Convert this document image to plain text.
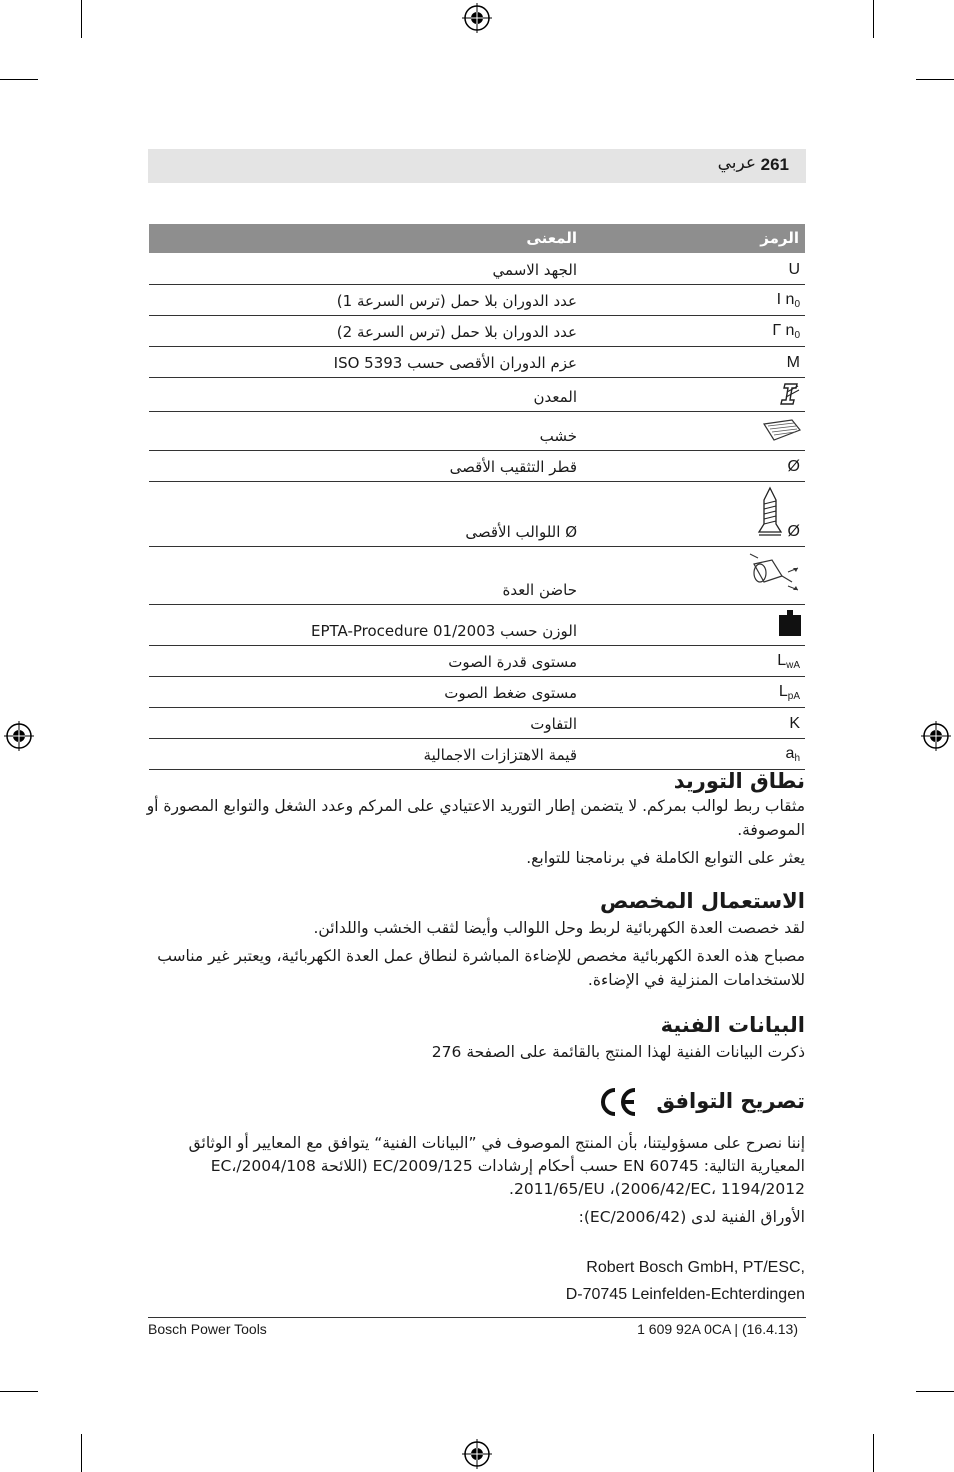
261
عربي
المعنى	الرمز
الجهد الاسمي	U
عدد الدوران بلا حمل (ترس السرعة 1)	I $n_0$
عدد الدوران بلا حمل (ترس السرعة 2)	Г $n_0$
عزم الدوران الأقصى حسب ISO 5393	M
المعدن
خشب
قطر التثقيب الأقصى	Ø
Ø اللوالب الأقصى	Ø
حاضن العدة
الوزن حسب EPTA-Procedure 01/2003
مستوى قدرة الصوت	$L_{wA}$
مستوى ضغط الصوت	$L_{pA}$
التفاوت	K
قيمة الاهتزازات الاجمالية	$a_h$
نطاق التوريد

مثقاب ربط لوالب بمركم. لا يتضمن إطار التوريد الاعتيادي على المركم وعدد الشغل والتوابع المصورة أو الموصوفة.

يعثر على التوابع الكاملة في برنامجنا للتوابع.

الاستعمال المخصص

لقد خصصت العدة الكهربائية لربط وحل اللوالب وأيضا لثقب الخشب واللدائن.

مصباح هذه العدة الكهربائية مخصص للإضاءة المباشرة لنطاق عمل العدة الكهربائية، ويعتبر غير مناسب للاستخدامات المنزلية في الإضاءة.

البيانات الفنية

ذكرت البيانات الفنية لهذا المنتج بالقائمة على الصفحة 276

تصريح التوافق

إننا نصرح على مسؤوليتنا، بأن المنتج الموصوف في ”البيانات الفنية“ يتوافق مع المعايير أو الوثائق المعيارية التالية: EN 60745 حسب أحكام إرشادات 2009/125/EC (اللائحة 2004/108/EC، 2006/42/EC، 1194/2012)، 2011/65/EU.

الأوراق الفنية لدى (2006/42/EC):

Robert Bosch GmbH, PT/ESC,
D-70745 Leinfelden-Echterdingen
Bosch Power Tools	1 609 92A 0CA | (16.4.13)
